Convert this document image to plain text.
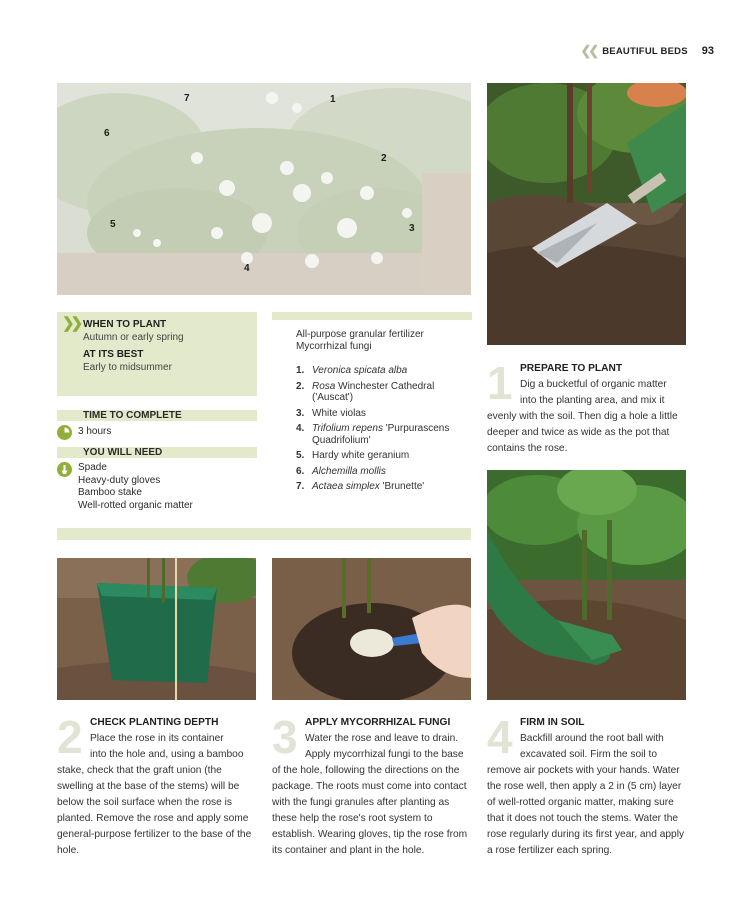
❮❮ BEAUTIFUL BEDS 93
7	1
6
2
5	3
4
❯❯ WHEN TO PLANT
Autumn or early spring
AT ITS BEST
Early to midsummer
TIME TO COMPLETE
3 hours
YOU WILL NEED
Spade
Heavy-duty gloves
Bamboo stake
Well-rotted organic matter
All-purpose granular fertilizer
Mycorrhizal fungi
1. Veronica spicata alba
2. Rosa Winchester Cathedral ('Auscat')
3. White violas
4. Trifolium repens 'Purpurascens Quadrifolium'
5. Hardy white geranium
6. Alchemilla mollis
7. Actaea simplex 'Brunette'
1 PREPARE TO PLANT
Dig a bucketful of organic matter
into the planting area, and mix it
evenly with the soil. Then dig a hole a little deeper and twice as wide as the pot that contains the rose.
2 CHECK PLANTING DEPTH
Place the rose in its container
into the hole and, using a bamboo
stake, check that the graft union (the swelling at the base of the stems) will be below the soil surface when the rose is planted. Remove the rose and apply some general-purpose fertilizer to the base of the hole.
3 APPLY MYCORRHIZAL FUNGI
Water the rose and leave to drain.
Apply mycorrhizal fungi to the base
of the hole, following the directions on the package. The roots must come into contact with the fungi granules after planting as these help the rose's root system to establish. Wearing gloves, tip the rose from its container and plant in the hole.
4 FIRM IN SOIL
Backfill around the root ball with
excavated soil. Firm the soil to
remove air pockets with your hands. Water the rose well, then apply a 2 in (5 cm) layer of well-rotted organic matter, making sure that it does not touch the stems. Water the rose regularly during its first year, and apply a rose fertilizer each spring.
